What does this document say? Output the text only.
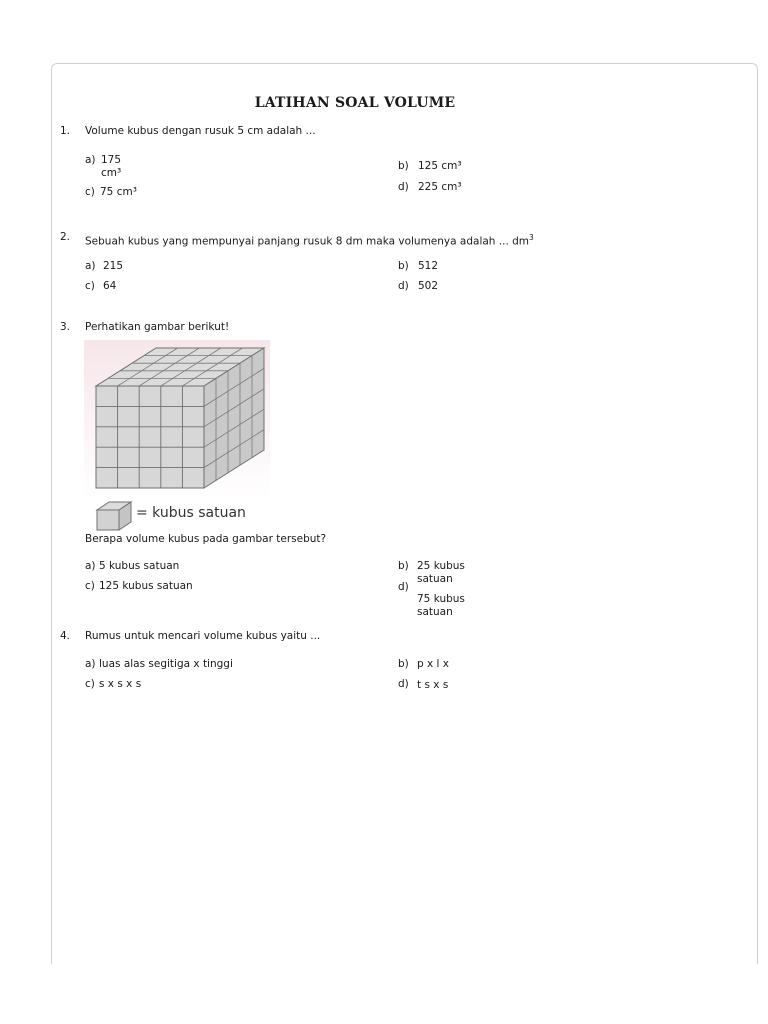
LATIHAN SOAL VOLUME
1. Volume kubus dengan rusuk 5 cm adalah ...
a) 175 cm³
b) 125 cm³
c) 75 cm³	d) 225 cm³
2. Sebuah kubus yang mempunyai panjang rusuk 8 dm maka volumenya adalah ... $dm^3$
a) 215	b) 512
c) 64	d) 502
3. Perhatikan gambar berikut!
= kubus satuan
Berapa volume kubus pada gambar tersebut?
a) 5 kubus satuan	b) 25 kubus satuan
c) 125 kubus satuan	d)
75 kubus satuan
4. Rumus untuk mencari volume kubus yaitu ...
a) luas alas segitiga x tinggi	b) p x l x
c) s x s x s	d) t s x s
